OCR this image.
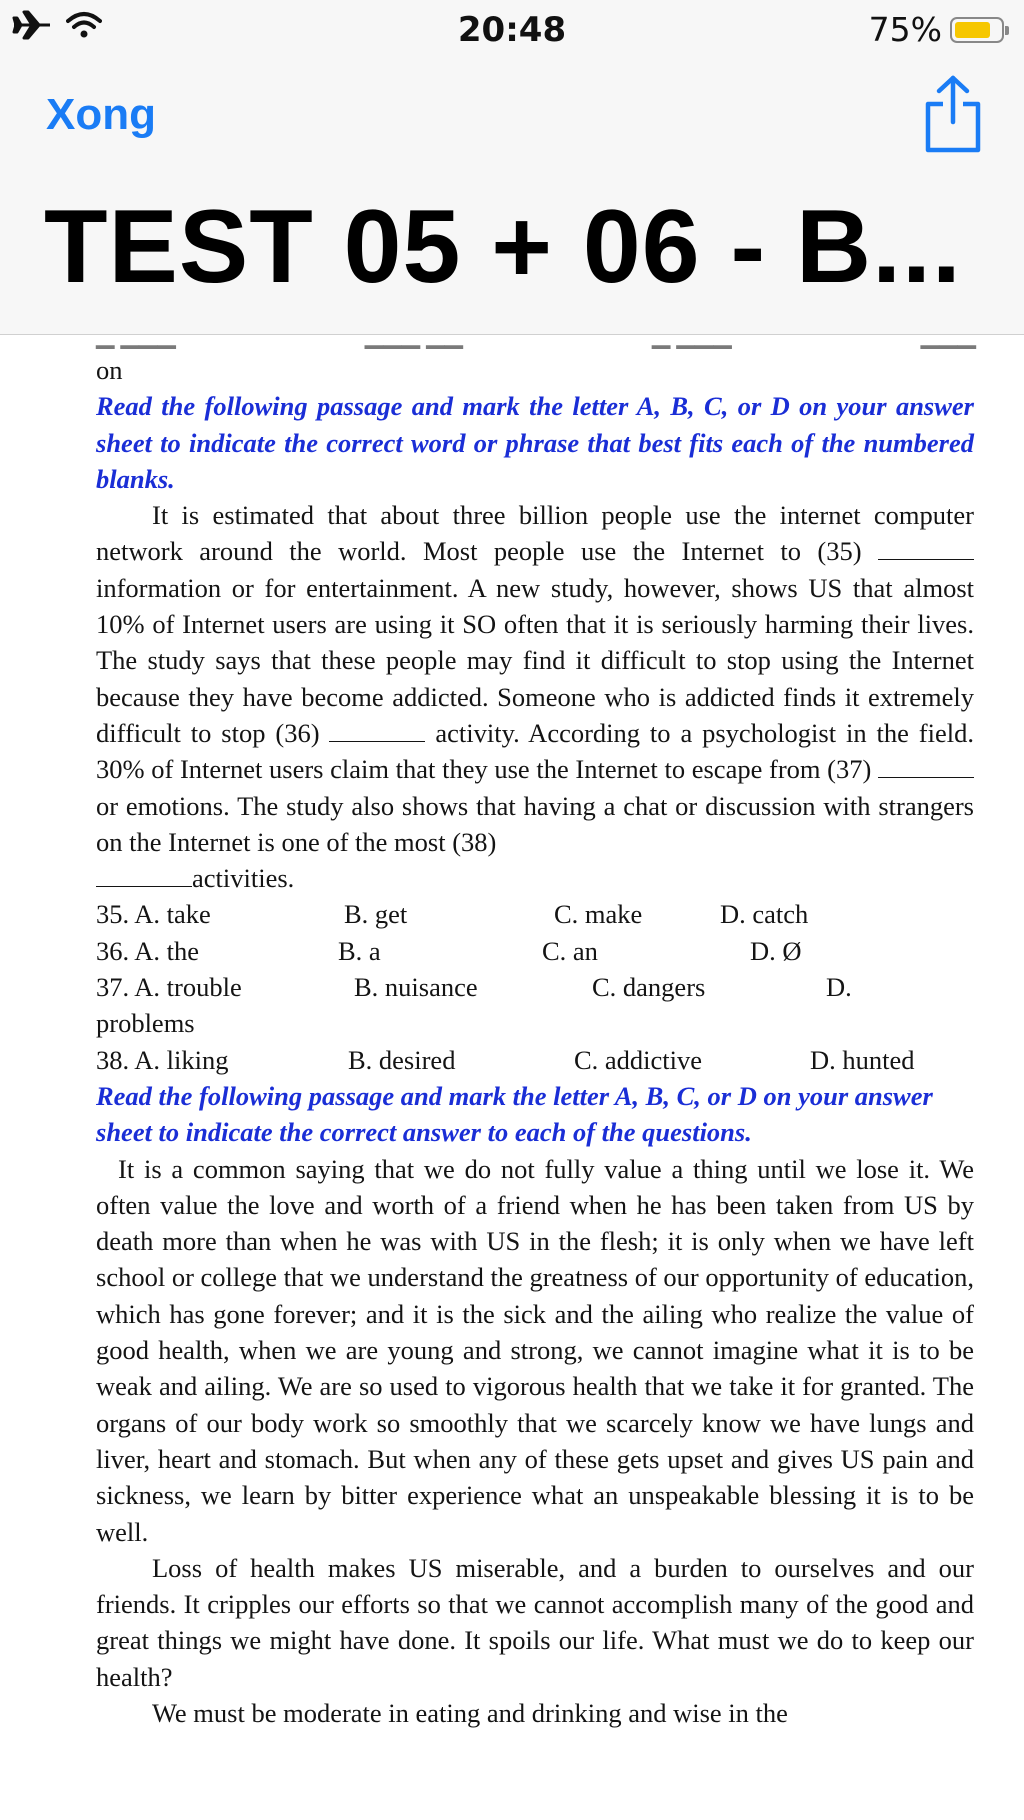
20:48	75%
Xong
TEST 05 + 06 - B...
▁ ▁▁▁	▁▁▁ ▁▁	▁ ▁▁▁	▁▁▁

on

Read the following passage and mark the letter A, B, C, or D on your answer sheet to indicate the correct word or phrase that best fits each of the numbered blanks.

It is estimated that about three billion people use the internet computer network around the world. Most people use the Internet to (35) information or for entertainment. A new study, however, shows US that almost 10% of Internet users are using it SO often that it is seriously harming their lives. The study says that these people may find it difficult to stop using the Internet because they have become addicted. Someone who is addicted finds it extremely difficult to stop (36)	activity. According to a psychologist in the field. 30% of Internet users claim that they use the Internet to escape from (37) or emotions. The study also shows that having a chat or discussion with strangers on the Internet is one of the most (38)
activities.

35. A. take	B. get	C. make	D. catch
36. A. the	B. a	C. an	D. Ø
37. A. trouble	B. nuisance	C. dangers	D.

problems

38. A. liking	B. desired	C. addictive	D. hunted

Read the following passage and mark the letter A, B, C, or D on your answer sheet to indicate the correct answer to each of the questions.

It is a common saying that we do not fully value a thing until we lose it. We often value the love and worth of a friend when he has been taken from US by death more than when he was with US in the flesh; it is only when we have left school or college that we understand the greatness of our opportunity of education, which has gone forever; and it is the sick and the ailing who realize the value of good health, when we are young and strong, we cannot imagine what it is to be weak and ailing. We are so used to vigorous health that we take it for granted. The organs of our body work so smoothly that we scarcely know we have lungs and liver, heart and stomach. But when any of these gets upset and gives US pain and sickness, we learn by bitter experience what an unspeakable blessing it is to be well.

Loss of health makes US miserable, and a burden to ourselves and our friends. It cripples our efforts so that we cannot accomplish many of the good and great things we might have done. It spoils our life. What must we do to keep our health?

We must be moderate in eating and drinking and wise in the
